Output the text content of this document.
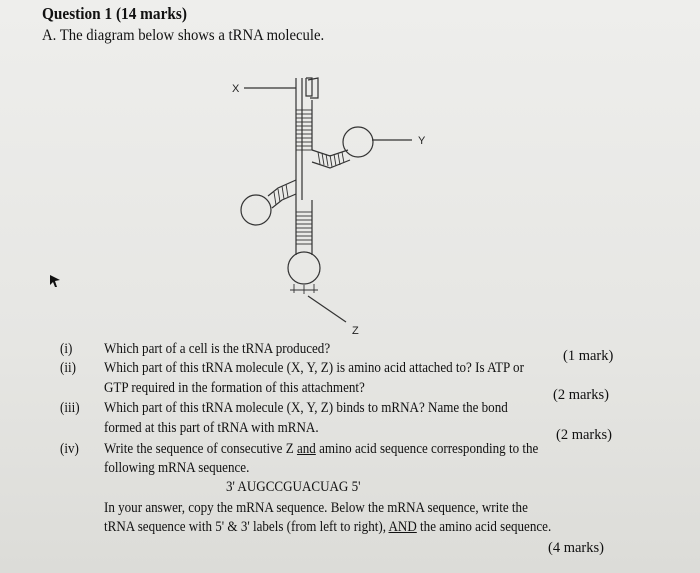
Question 1 (14 marks)
A. The diagram below shows a tRNA molecule.
X
Y
Z
(i) Which part of a cell is the tRNA produced?	(1 mark)
(ii) Which part of this tRNA molecule (X, Y, Z) is amino acid attached to? Is ATP or
GTP required in the formation of this attachment?	(2 marks)
(iii) Which part of this tRNA molecule (X, Y, Z) binds to mRNA? Name the bond
formed at this part of tRNA with mRNA.	(2 marks)
(iv) Write the sequence of consecutive Z and amino acid sequence corresponding to the
following mRNA sequence.
3' AUGCCGUACUAG 5'
In your answer, copy the mRNA sequence. Below the mRNA sequence, write the
tRNA sequence with 5' & 3' labels (from left to right), AND the amino acid sequence.
(4 marks)
